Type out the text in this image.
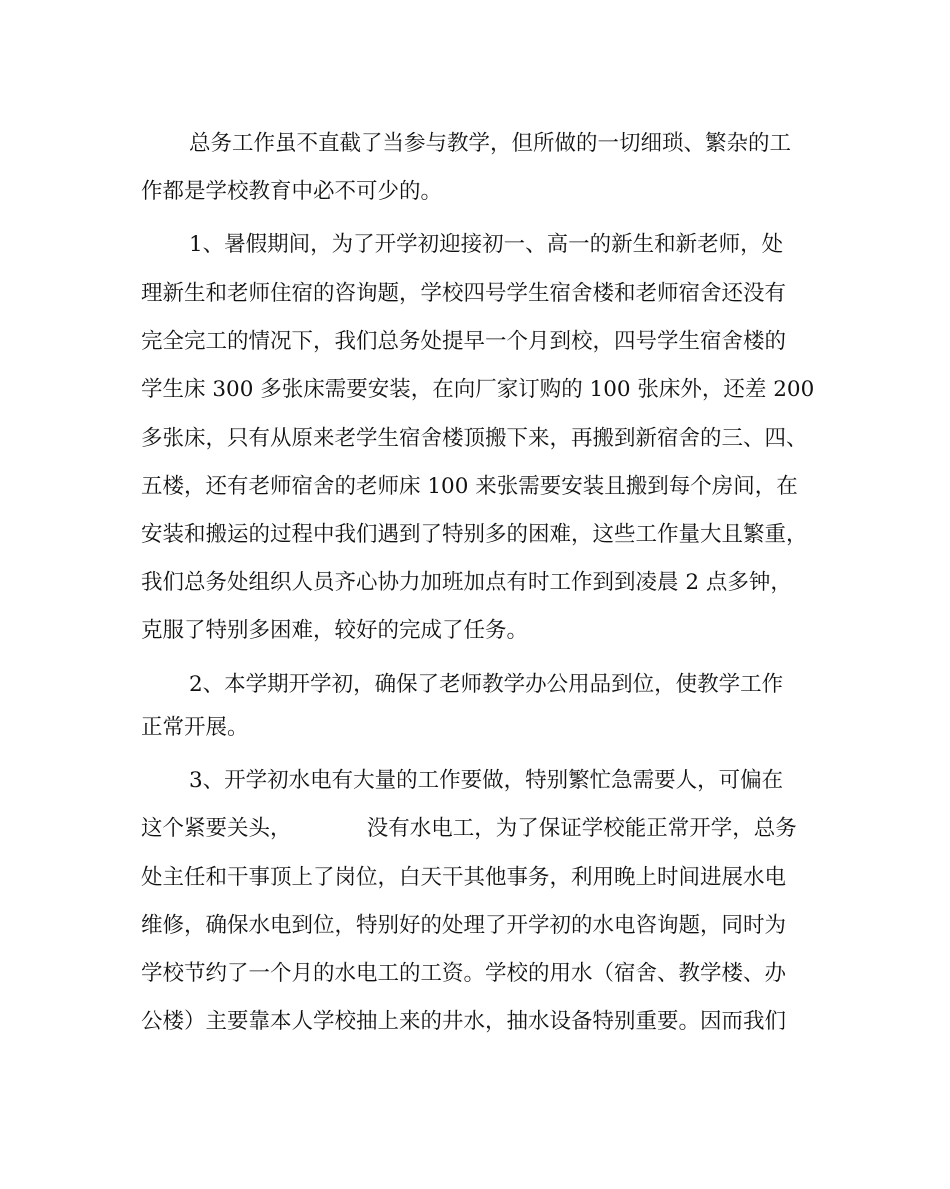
总务工作虽不直截了当参与教学，但所做的一切细琐、繁杂的工
作都是学校教育中必不可少的。
1、暑假期间，为了开学初迎接初一、高一的新生和新老师，处
理新生和老师住宿的咨询题，学校四号学生宿舍楼和老师宿舍还没有
完全完工的情况下，我们总务处提早一个月到校，四号学生宿舍楼的
学生床 300 多张床需要安装，在向厂家订购的 100 张床外，还差 200
多张床，只有从原来老学生宿舍楼顶搬下来，再搬到新宿舍的三、四、
五楼，还有老师宿舍的老师床 100 来张需要安装且搬到每个房间，在
安装和搬运的过程中我们遇到了特别多的困难，这些工作量大且繁重，
我们总务处组织人员齐心协力加班加点有时工作到到凌晨 2 点多钟，
克服了特别多困难，较好的完成了任务。
2、本学期开学初，确保了老师教学办公用品到位，使教学工作
正常开展。
3、开学初水电有大量的工作要做，特别繁忙急需要人，可偏在
这个紧要关头，　　　　没有水电工，为了保证学校能正常开学，总务
处主任和干事顶上了岗位，白天干其他事务，利用晚上时间进展水电
维修，确保水电到位，特别好的处理了开学初的水电咨询题，同时为
学校节约了一个月的水电工的工资。学校的用水（宿舍、教学楼、办
公楼）主要靠本人学校抽上来的井水，抽水设备特别重要。因而我们
